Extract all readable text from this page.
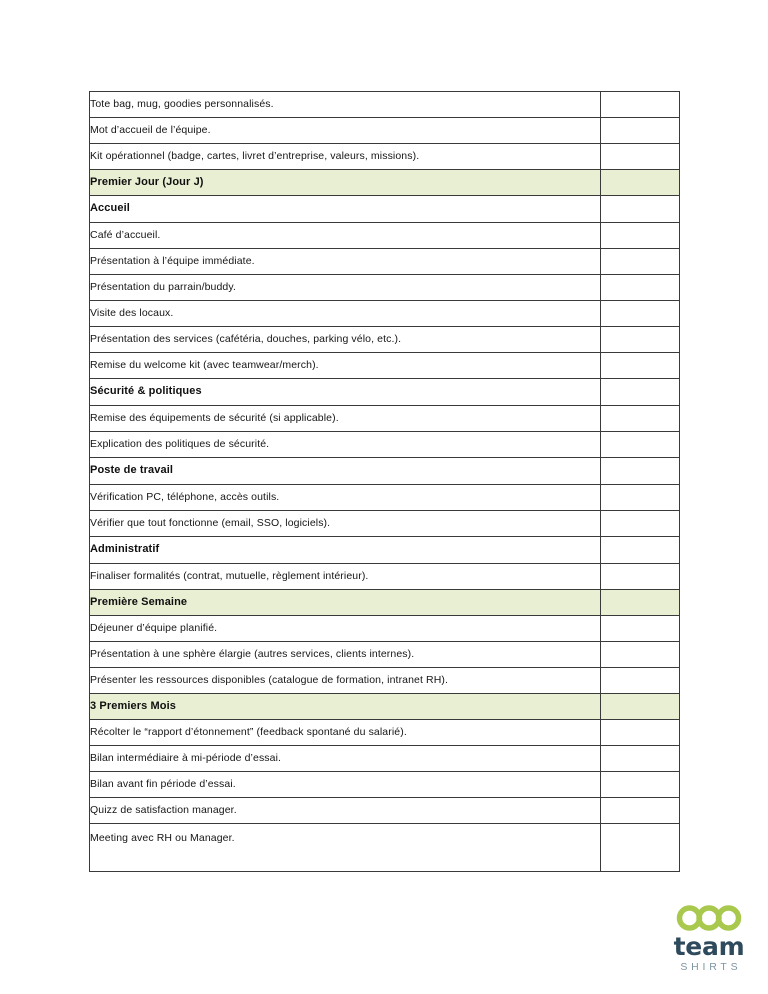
Tote bag, mug, goodies personnalisés.	
Mot d’accueil de l’équipe.	
Kit opérationnel (badge, cartes, livret d’entreprise, valeurs, missions).	
Premier Jour (Jour J)	
Accueil	
Café d’accueil.	
Présentation à l’équipe immédiate.	
Présentation du parrain/buddy.	
Visite des locaux.	
Présentation des services (cafétéria, douches, parking vélo, etc.).	
Remise du welcome kit (avec teamwear/merch).	
Sécurité & politiques	
Remise des équipements de sécurité (si applicable).	
Explication des politiques de sécurité.	
Poste de travail	
Vérification PC, téléphone, accès outils.	
Vérifier que tout fonctionne (email, SSO, logiciels).	
Administratif	
Finaliser formalités (contrat, mutuelle, règlement intérieur).	
Première Semaine	
Déjeuner d’équipe planifié.	
Présentation à une sphère élargie (autres services, clients internes).	
Présenter les ressources disponibles (catalogue de formation, intranet RH).	
3 Premiers Mois	
Récolter le “rapport d’étonnement” (feedback spontané du salarié).	
Bilan intermédiaire à mi-période d’essai.	
Bilan avant fin période d’essai.	
Quizz de satisfaction manager.	
Meeting avec RH ou Manager.	
team
SHIRTS
